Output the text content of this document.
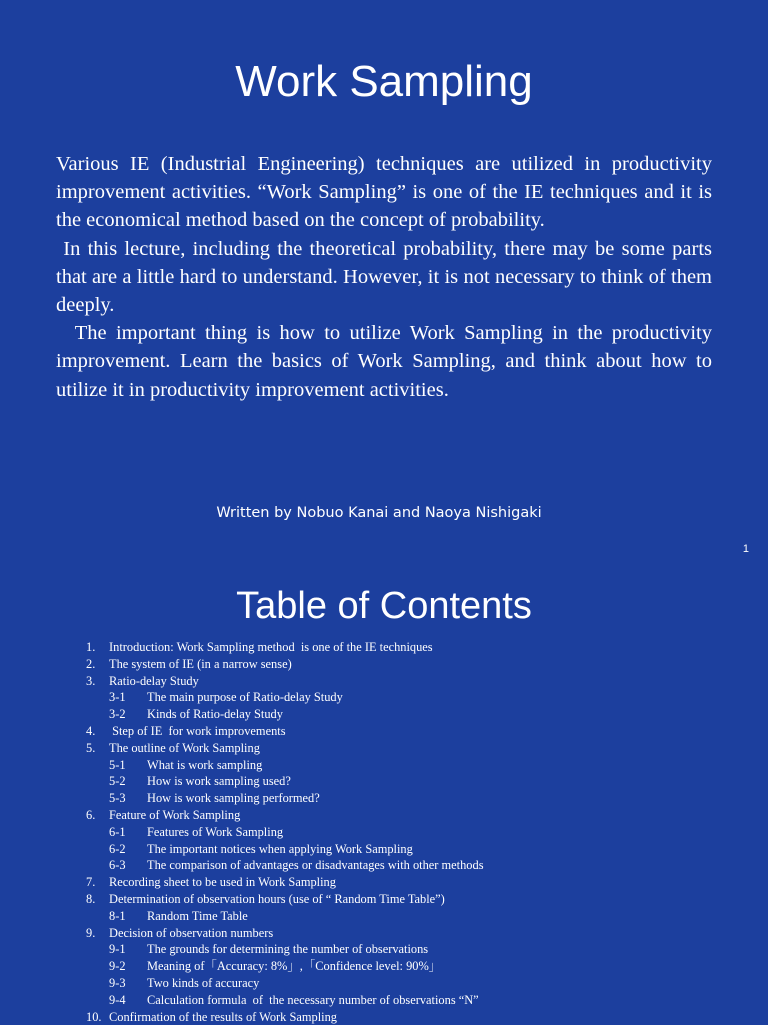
Work Sampling

Various IE (Industrial Engineering) techniques are utilized in productivity improvement activities. “Work Sampling” is one of the IE techniques and it is the economical method based on the concept of probability.

In this lecture, including the theoretical probability, there may be some parts that are a little hard to understand. However, it is not necessary to think of them deeply.

The important thing is how to utilize Work Sampling in the productivity improvement. Learn the basics of Work Sampling, and think about how to utilize it in productivity improvement activities.

Written by Nobuo Kanai and Naoya Nishigaki
1
Table of Contents
1. Introduction: Work Sampling method  is one of the IE techniques
2. The system of IE (in a narrow sense)
3. Ratio-delay Study
3-1 The main purpose of Ratio-delay Study
3-2 Kinds of Ratio-delay Study
4. Step of IE  for work improvements
5. The outline of Work Sampling
5-1 What is work sampling
5-2 How is work sampling used?
5-3 How is work sampling performed?
6. Feature of Work Sampling
6-1 Features of Work Sampling
6-2 The important notices when applying Work Sampling
6-3 The comparison of advantages or disadvantages with other methods
7. Recording sheet to be used in Work Sampling
8. Determination of observation hours (use of “ Random Time Table”)
8-1 Random Time Table
9. Decision of observation numbers
9-1 The grounds for determining the number of observations
9-2 Meaning of「Accuracy: 8%」,「Confidence level: 90%」
9-3 Two kinds of accuracy
9-4 Calculation formula  of  the necessary number of observations “N”
10. Confirmation of the results of Work Sampling
